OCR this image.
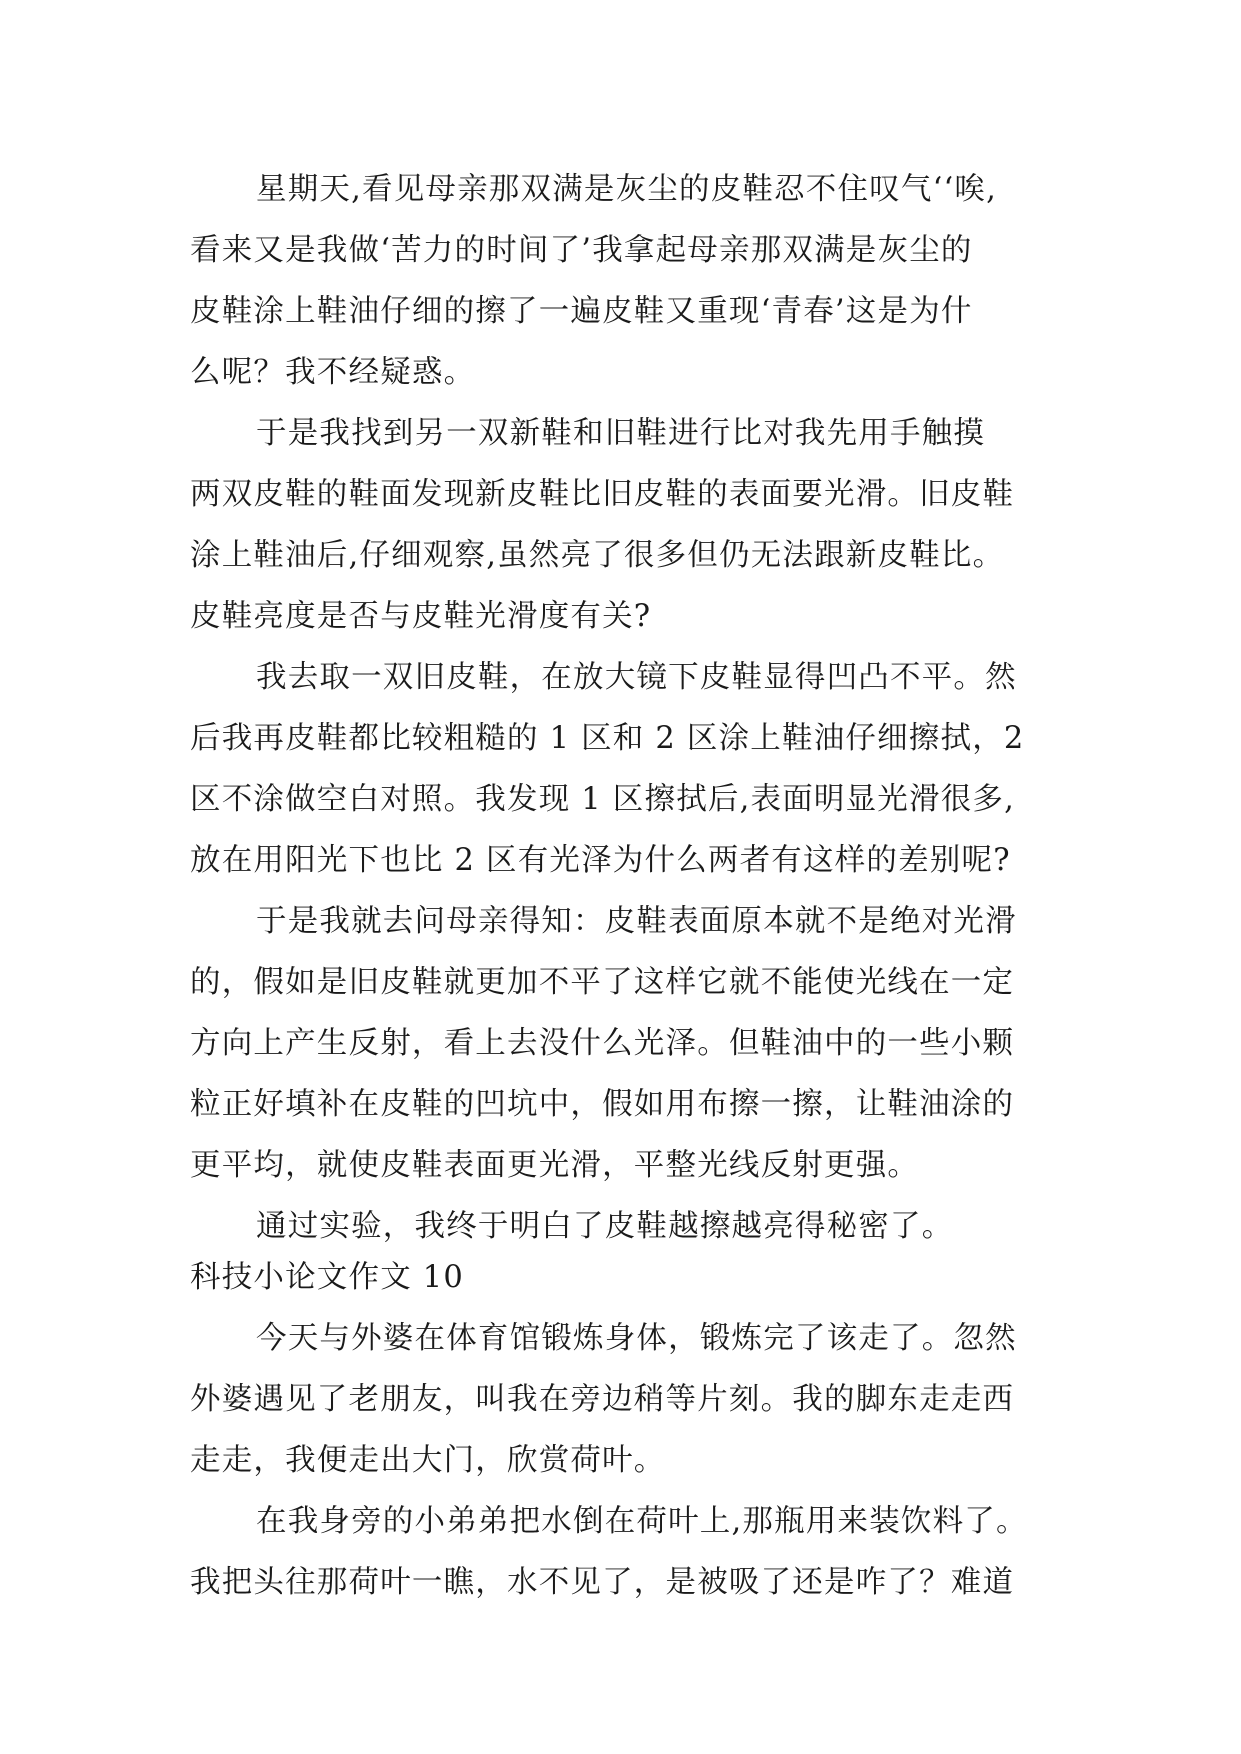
星期天,看见母亲那双满是灰尘的皮鞋忍不住叹气‘‘唉,
看来又是我做‘苦力的时间了’我拿起母亲那双满是灰尘的
皮鞋涂上鞋油仔细的擦了一遍皮鞋又重现‘青春’这是为什
么呢？我不经疑惑。
于是我找到另一双新鞋和旧鞋进行比对我先用手触摸
两双皮鞋的鞋面发现新皮鞋比旧皮鞋的表面要光滑。旧皮鞋
涂上鞋油后,仔细观察,虽然亮了很多但仍无法跟新皮鞋比。
皮鞋亮度是否与皮鞋光滑度有关?
我去取一双旧皮鞋，在放大镜下皮鞋显得凹凸不平。然
后我再皮鞋都比较粗糙的 1 区和 2 区涂上鞋油仔细擦拭，2
区不涂做空白对照。我发现 1 区擦拭后,表面明显光滑很多,
放在用阳光下也比 2 区有光泽为什么两者有这样的差别呢?
于是我就去问母亲得知：皮鞋表面原本就不是绝对光滑
的，假如是旧皮鞋就更加不平了这样它就不能使光线在一定
方向上产生反射，看上去没什么光泽。但鞋油中的一些小颗
粒正好填补在皮鞋的凹坑中，假如用布擦一擦，让鞋油涂的
更平均，就使皮鞋表面更光滑，平整光线反射更强。
通过实验，我终于明白了皮鞋越擦越亮得秘密了。
科技小论文作文 10
今天与外婆在体育馆锻炼身体，锻炼完了该走了。忽然
外婆遇见了老朋友，叫我在旁边稍等片刻。我的脚东走走西
走走，我便走出大门，欣赏荷叶。
在我身旁的小弟弟把水倒在荷叶上,那瓶用来装饮料了。
我把头往那荷叶一瞧，水不见了，是被吸了还是咋了？难道
